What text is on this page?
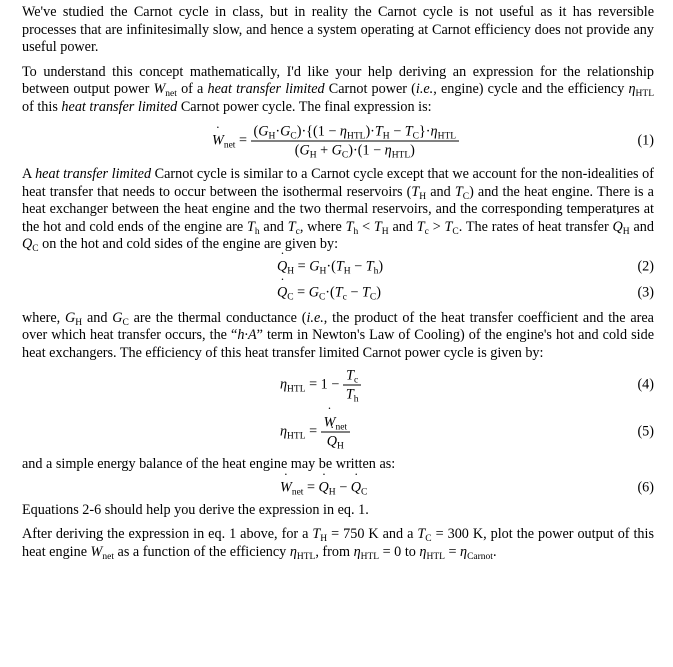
We've studied the Carnot cycle in class, but in reality the Carnot cycle is not useful as it has reversible processes that are infinitesimally slow, and hence a system operating at Carnot efficiency does not provide any useful power.

To understand this concept mathematically, I'd like your help deriving an expression for the relationship between output power ˙ $W_{net}$ of a heat transfer limited Carnot power (i.e., engine) cycle and the efficiency $\eta_{HTL}$ of this heat transfer limited Carnot power cycle. The final expression is:

˙ $W_{net} = \frac{(G_H\cdot G_C)\cdot\{(1 - \eta_{HTL})\cdot T_H - T_C\}\cdot\eta_{HTL}}{(G_H + G_C)\cdot(1 - \eta_{HTL})}$	(1)

A heat transfer limited Carnot cycle is similar to a Carnot cycle except that we account for the non-idealities of heat transfer that needs to occur between the isothermal reservoirs ($T_H$ and $T_C$) and the heat engine. There is a heat exchanger between the heat engine and the two thermal reservoirs, and the corresponding temperatures at the hot and cold ends of the engine are $T_h$ and $T_c$, where $T_h < T_H$ and $T_c > T_C$. The rates of heat transfer ˙ $Q_H$ and ˙ $Q_C$ on the hot and cold sides of the engine are given by:

˙ $Q_H = G_H\cdot(T_H - T_h)$	(2)
˙ $Q_C = G_C\cdot(T_c - T_C)$	(3)

where, $G_H$ and $G_C$ are the thermal conductance (i.e., the product of the heat transfer coefficient and the area over which heat transfer occurs, the “h·A” term in Newton's Law of Cooling) of the engine's hot and cold side heat exchangers. The efficiency of this heat transfer limited Carnot power cycle is given by:

$\eta_{HTL} = 1 - \frac{T_c}{T_h}$	(4)
$\eta_{HTL}$ =
˙ $W_{net}$
˙ $Q_H$	(5)

and a simple energy balance of the heat engine may be written as:

˙ $W_{net}$ = ˙ $Q_H$ − ˙ $Q_C$	(6)

Equations 2-6 should help you derive the expression in eq. 1.

After deriving the expression in eq. 1 above, for a $T_H = 750$ K and a $T_C = 300$ K, plot the power output of this heat engine ˙ $W_{net}$ as a function of the efficiency $\eta_{HTL}$, from $\eta_{HTL} = 0$ to $\eta_{HTL} = \eta_{Carnot}$.
